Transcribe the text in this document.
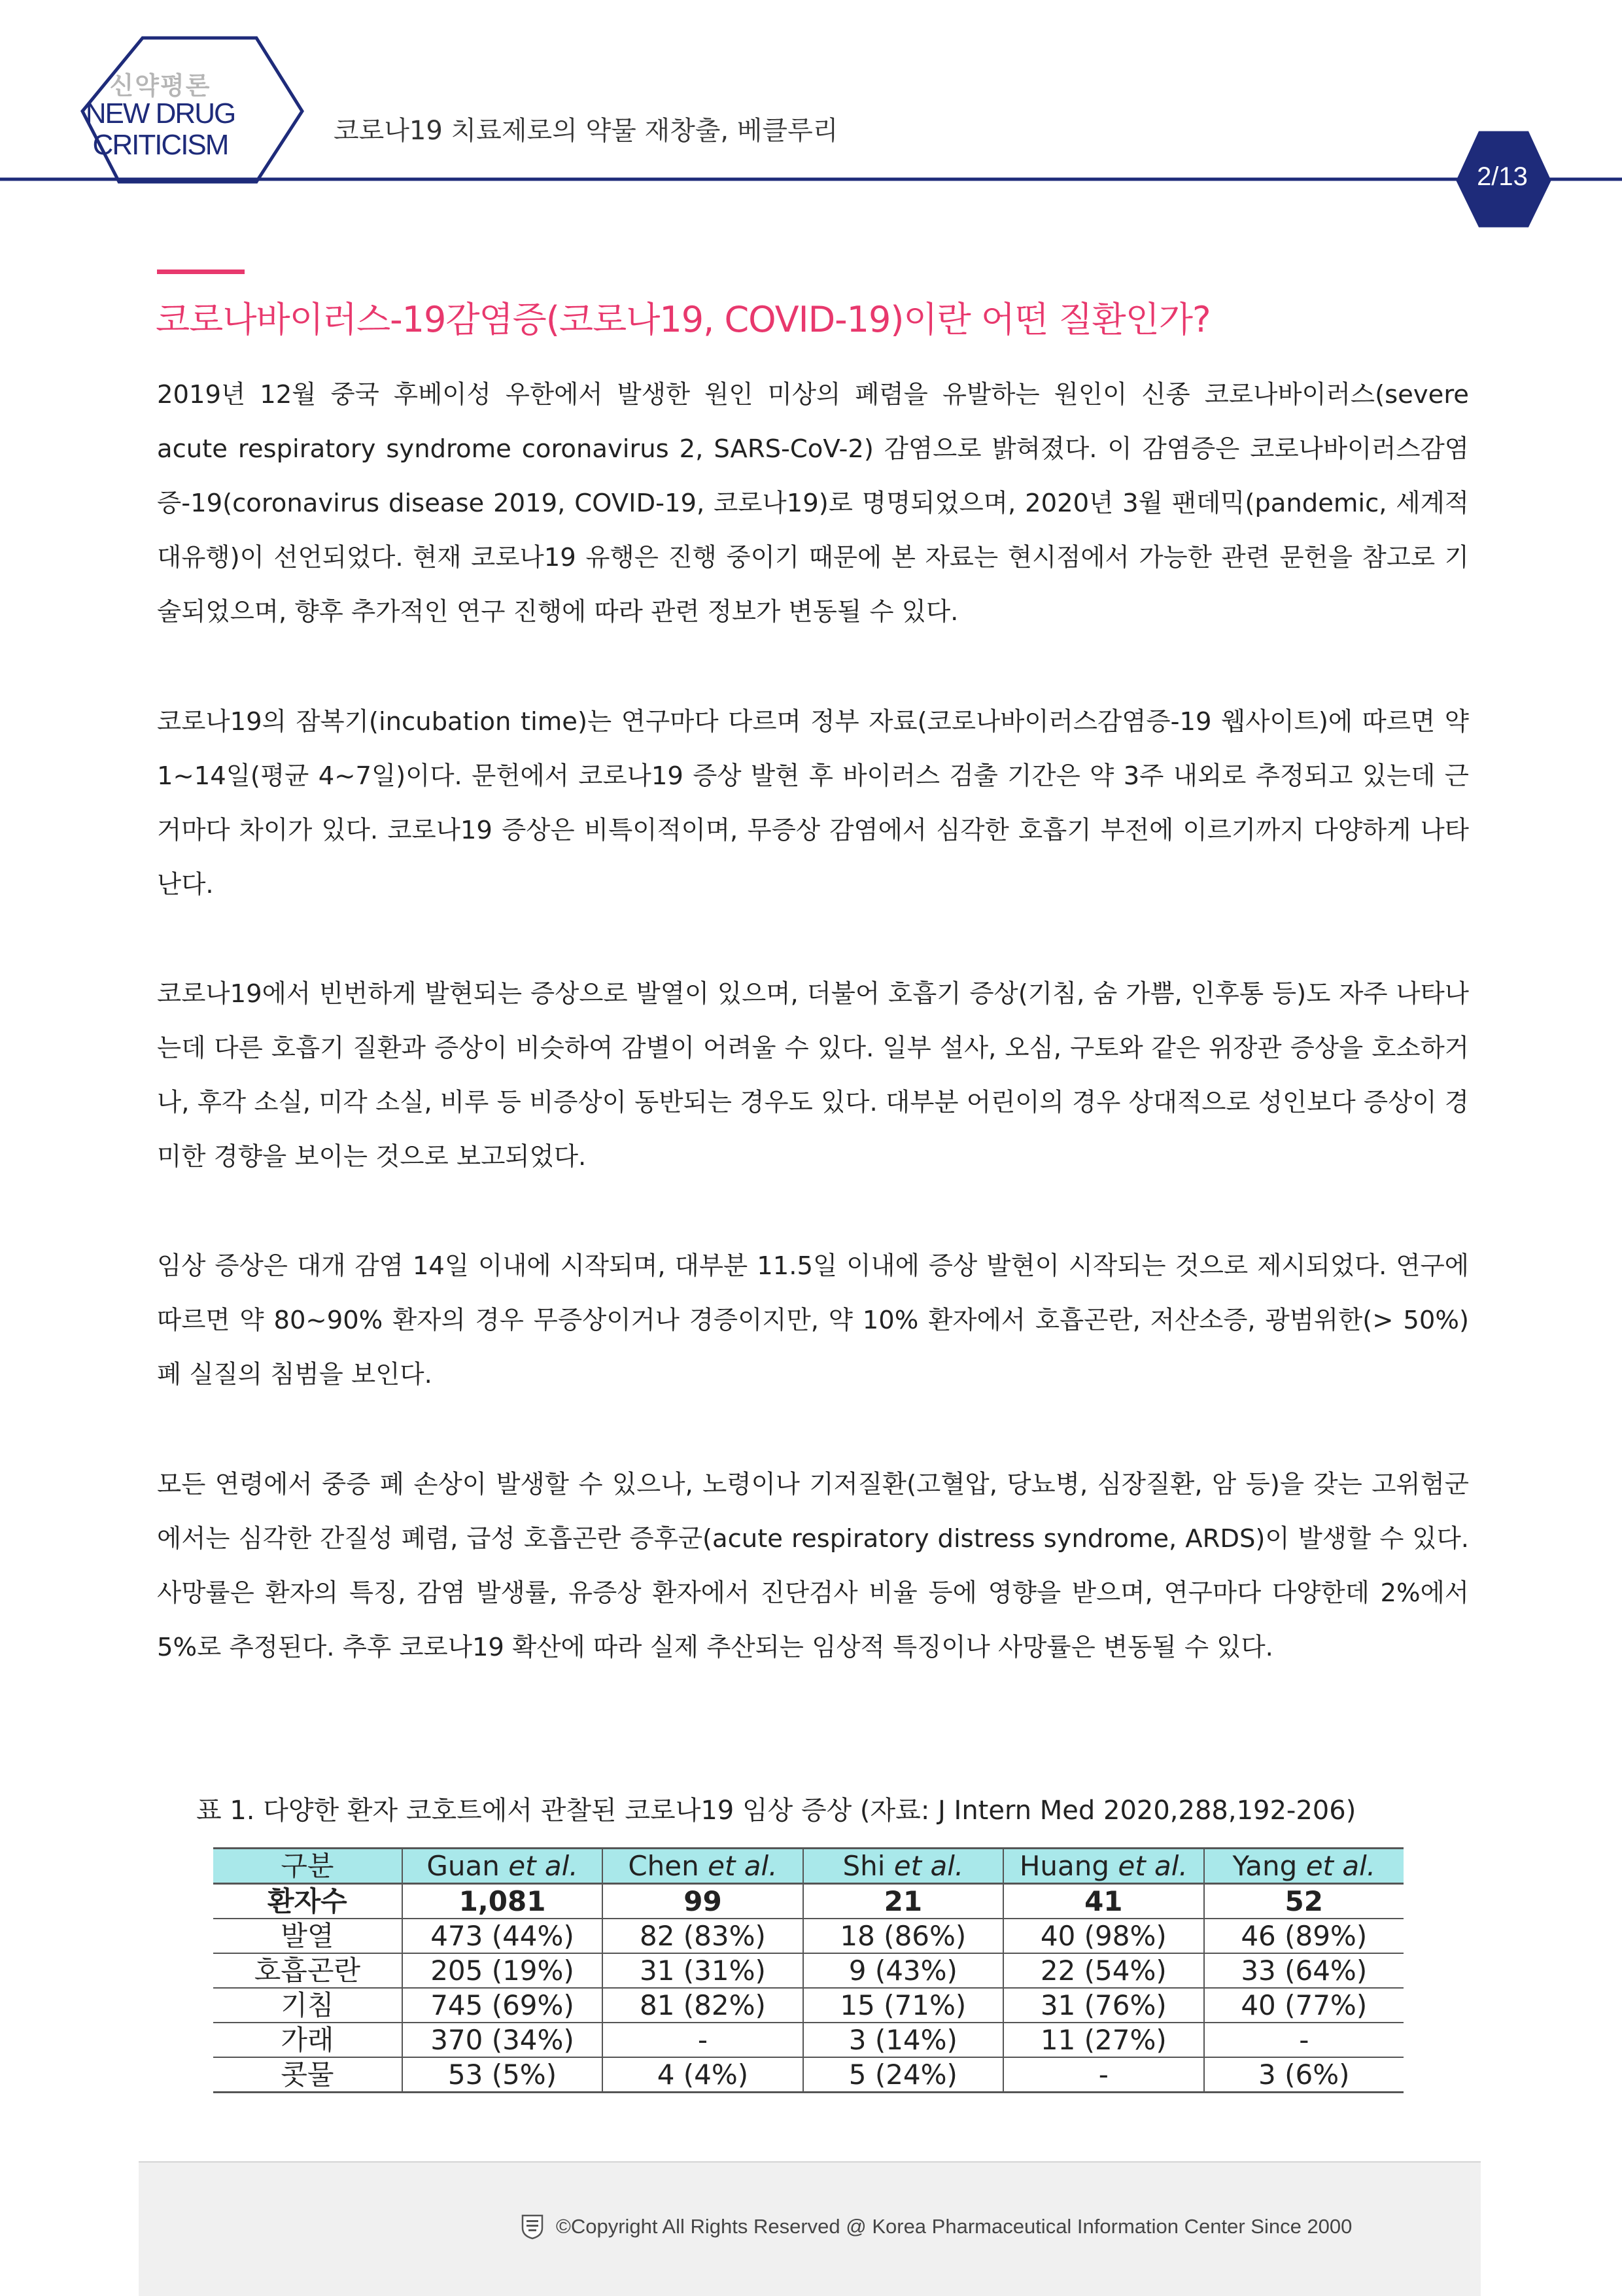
신약평론
NEW DRUG
CRITICISM	코로나19 치료제로의 약물 재창출, 베클루리
2/13
코로나바이러스-19감염증(코로나19, COVID-19)이란 어떤 질환인가?
2019년 12월 중국 후베이성 우한에서 발생한 원인 미상의 폐렴을 유발하는 원인이 신종 코로나바이러스(severe acute respiratory syndrome coronavirus 2, SARS-CoV-2) 감염으로 밝혀졌다. 이 감염증은 코로나바이러스감염증-19(coronavirus disease 2019, COVID-19, 코로나19)로 명명되었으며, 2020년 3월 팬데믹(pandemic, 세계적 대유행)이 선언되었다. 현재 코로나19 유행은 진행 중이기 때문에 본 자료는 현시점에서 가능한 관련 문헌을 참고로 기술되었으며, 향후 추가적인 연구 진행에 따라 관련 정보가 변동될 수 있다.
코로나19의 잠복기(incubation time)는 연구마다 다르며 정부 자료(코로나바이러스감염증-19 웹사이트)에 따르면 약 1~14일(평균 4~7일)이다. 문헌에서 코로나19 증상 발현 후 바이러스 검출 기간은 약 3주 내외로 추정되고 있는데 근거마다 차이가 있다. 코로나19 증상은 비특이적이며, 무증상 감염에서 심각한 호흡기 부전에 이르기까지 다양하게 나타난다.
코로나19에서 빈번하게 발현되는 증상으로 발열이 있으며, 더불어 호흡기 증상(기침, 숨 가쁨, 인후통 등)도 자주 나타나는데 다른 호흡기 질환과 증상이 비슷하여 감별이 어려울 수 있다. 일부 설사, 오심, 구토와 같은 위장관 증상을 호소하거나, 후각 소실, 미각 소실, 비루 등 비증상이 동반되는 경우도 있다. 대부분 어린이의 경우 상대적으로 성인보다 증상이 경미한 경향을 보이는 것으로 보고되었다.
임상 증상은 대개 감염 14일 이내에 시작되며, 대부분 11.5일 이내에 증상 발현이 시작되는 것으로 제시되었다. 연구에 따르면 약 80~90% 환자의 경우 무증상이거나 경증이지만, 약 10% 환자에서 호흡곤란, 저산소증, 광범위한(> 50%) 폐 실질의 침범을 보인다.
모든 연령에서 중증 폐 손상이 발생할 수 있으나, 노령이나 기저질환(고혈압, 당뇨병, 심장질환, 암 등)을 갖는 고위험군에서는 심각한 간질성 폐렴, 급성 호흡곤란 증후군(acute respiratory distress syndrome, ARDS)이 발생할 수 있다. 사망률은 환자의 특징, 감염 발생률, 유증상 환자에서 진단검사 비율 등에 영향을 받으며, 연구마다 다양한데 2%에서 5%로 추정된다. 추후 코로나19 확산에 따라 실제 추산되는 임상적 특징이나 사망률은 변동될 수 있다.
표 1. 다양한 환자 코호트에서 관찰된 코로나19 임상 증상 (자료: J Intern Med 2020,288,192-206)
구분	Guan et al.	Chen et al.	Shi et al.	Huang et al.	Yang et al.
환자수	1,081	99	21	41	52
발열	473 (44%)	82 (83%)	18 (86%)	40 (98%)	46 (89%)
호흡곤란	205 (19%)	31 (31%)	9 (43%)	22 (54%)	33 (64%)
기침	745 (69%)	81 (82%)	15 (71%)	31 (76%)	40 (77%)
가래	370 (34%)	-	3 (14%)	11 (27%)	-
콧물	53 (5%)	4 (4%)	5 (24%)	-	3 (6%)
©Copyright All Rights Reserved @ Korea Pharmaceutical Information Center Since 2000
